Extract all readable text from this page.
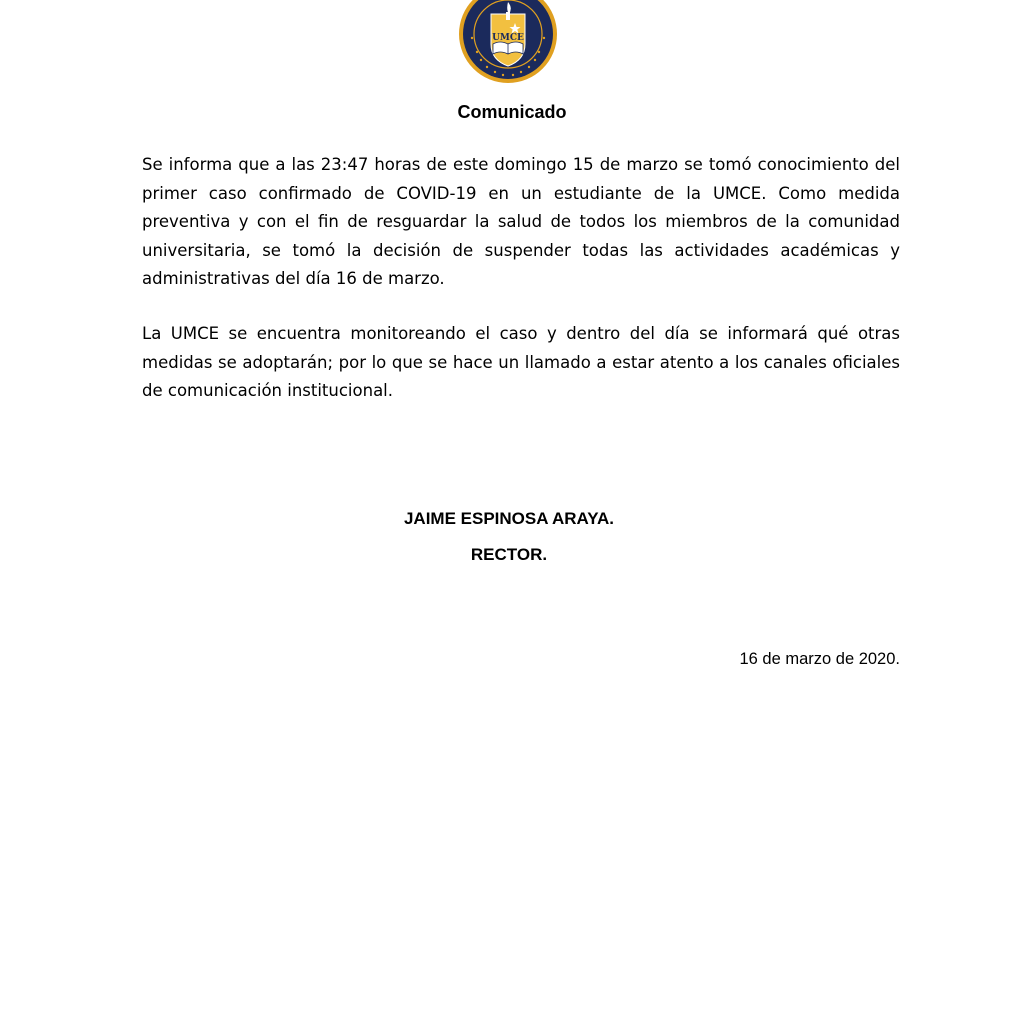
UMCE
Comunicado

Se informa que a las 23:47 horas de este domingo 15 de marzo se tomó conocimiento del primer caso confirmado de COVID-19 en un estudiante de la UMCE. Como medida preventiva y con el fin de resguardar la salud de todos los miembros de la comunidad universitaria, se tomó la decisión de suspender todas las actividades académicas y administrativas del día 16 de marzo.

La UMCE se encuentra monitoreando el caso y dentro del día se informará qué otras medidas se adoptarán; por lo que se hace un llamado a estar atento a los canales oficiales de comunicación institucional.

JAIME ESPINOSA ARAYA.
RECTOR.
16 de marzo de 2020.
